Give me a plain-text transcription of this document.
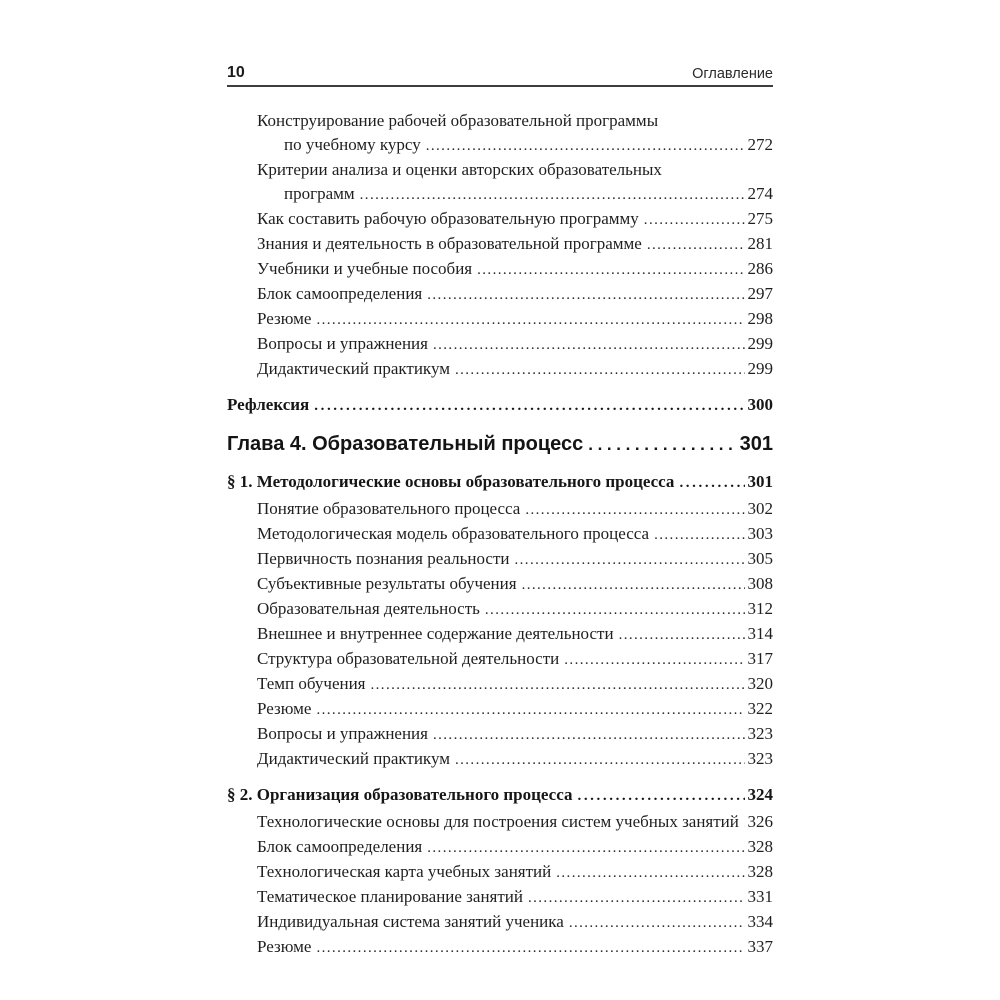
10	Оглавление
Конструирование рабочей образовательной программы
по учебному курсу .....	272
Критерии анализа и оценки авторских образовательных
программ .....	274
Как составить рабочую образовательную программу .....	275
Знания и деятельность в образовательной программе .....	281
Учебники и учебные пособия .....	286
Блок самоопределения .....	297
Резюме .....	298
Вопросы и упражнения .....	299
Дидактический практикум .....	299
Рефлексия .....	300
Глава 4. Образовательный процесс .....	301
§ 1. Методологические основы образовательного процесса .....	301
Понятие образовательного процесса .....	302
Методологическая модель образовательного процесса .....	303
Первичность познания реальности .....	305
Субъективные результаты обучения .....	308
Образовательная деятельность .....	312
Внешнее и внутреннее содержание деятельности .....	314
Структура образовательной деятельности .....	317
Темп обучения .....	320
Резюме .....	322
Вопросы и упражнения .....	323
Дидактический практикум .....	323
§ 2. Организация образовательного процесса .....	324
Технологические основы для построения систем учебных занятий ..... 326
Блок самоопределения .....	328
Технологическая карта учебных занятий .....	328
Тематическое планирование занятий .....	331
Индивидуальная система занятий ученика .....	334
Резюме .....	337
